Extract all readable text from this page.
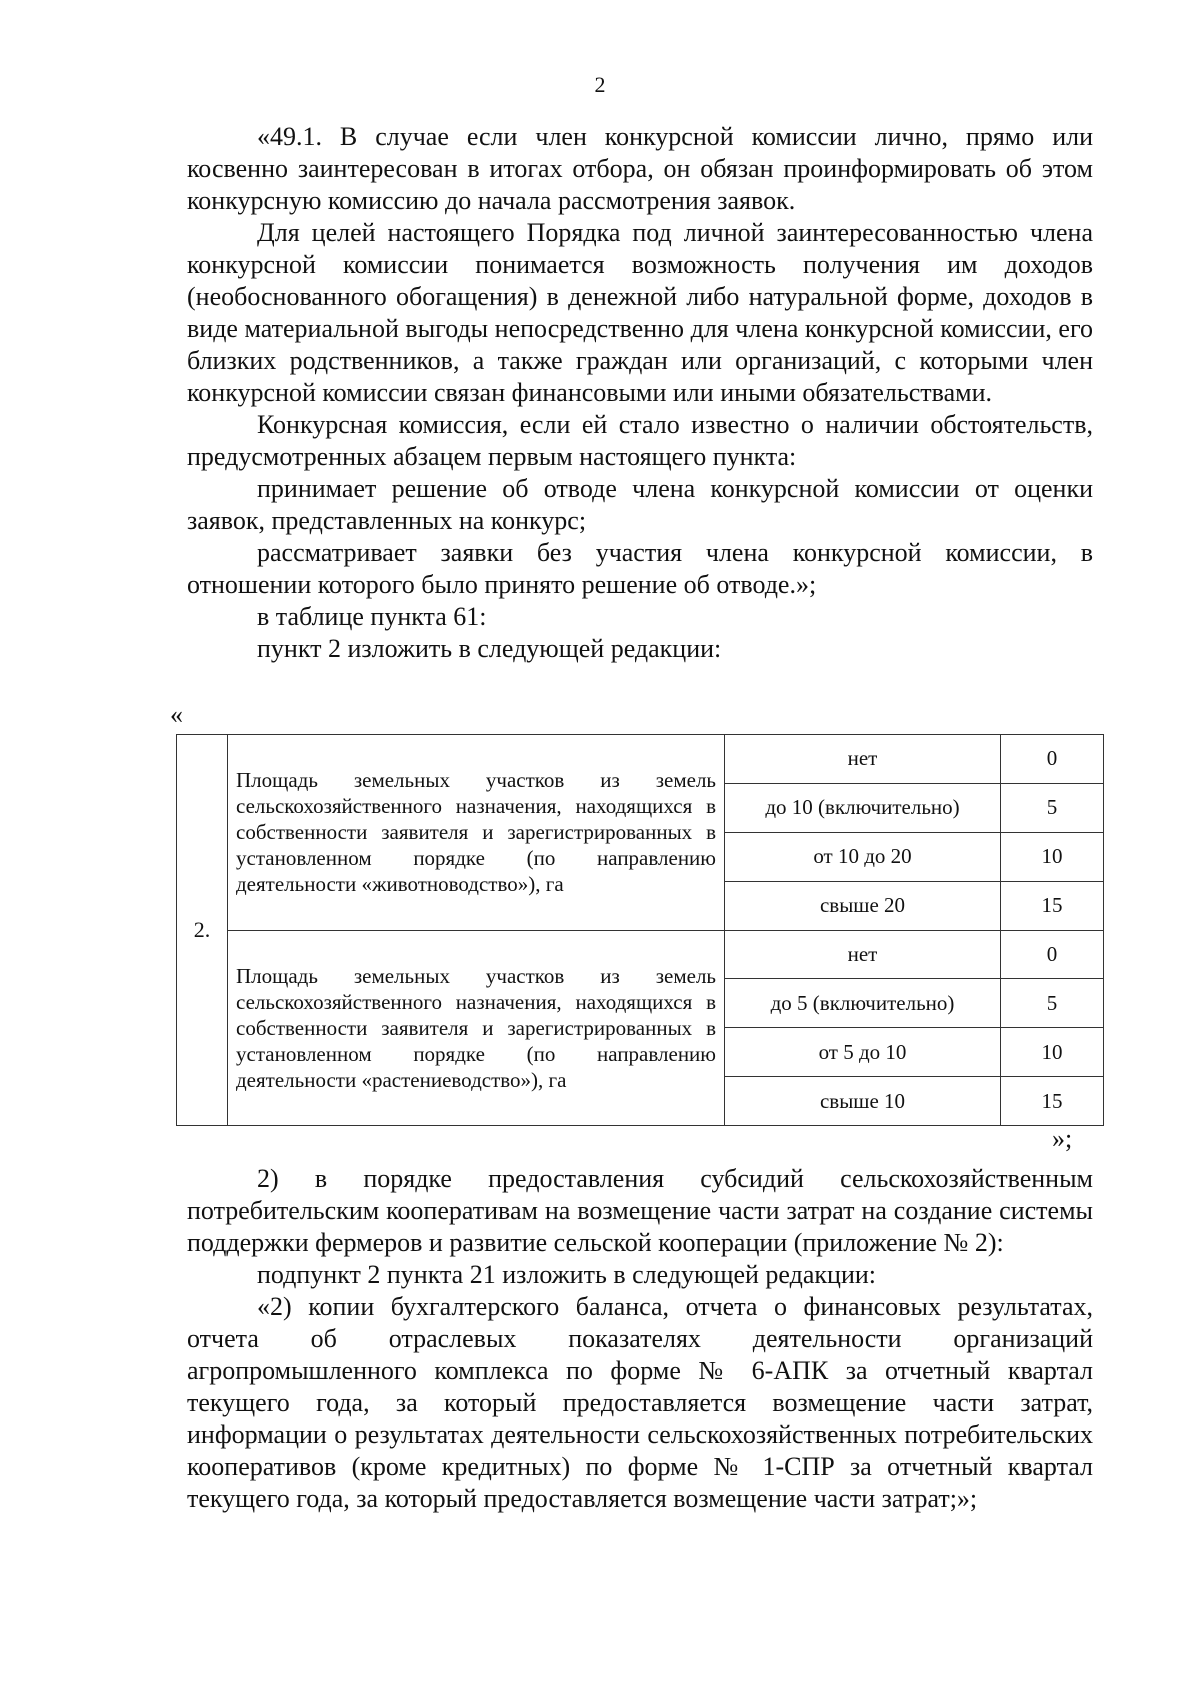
2

«49.1. В случае если член конкурсной комиссии лично, прямо или косвенно заинтересован в итогах отбора, он обязан проинформировать об этом конкурсную комиссию до начала рассмотрения заявок.

Для целей настоящего Порядка под личной заинтересованностью члена конкурсной комиссии понимается возможность получения им доходов (необоснованного обогащения) в денежной либо натуральной форме, доходов в виде материальной выгоды непосредственно для члена конкурсной комиссии, его близких родственников, а также граждан или организаций, с которыми член конкурсной комиссии связан финансовыми или иными обязательствами.

Конкурсная комиссия, если ей стало известно о наличии обстоятельств, предусмотренных абзацем первым настоящего пункта:

принимает решение об отводе члена конкурсной комиссии от оценки заявок, представленных на конкурс;

рассматривает заявки без участия члена конкурсной комиссии, в отношении которого было принято решение об отводе.»;

в таблице пункта 61:

пункт 2 изложить в следующей редакции:

«
2.	Площадь земельных участков из земель сельскохозяйственного назначения, находящихся в собственности заявителя и зарегистрированных в установленном порядке (по направлению деятельности «животноводство»), га	нет	0
		до 10 (включительно)	5
		от 10 до 20	10
		свыше 20	15
	Площадь земельных участков из земель сельскохозяйственного назначения, находящихся в собственности заявителя и зарегистрированных в установленном порядке (по направлению деятельности «растениеводство»), га	нет	0
		до 5 (включительно)	5
		от 5 до 10	10
		свыше 10	15
»;

2) в порядке предоставления субсидий сельскохозяйственным потребительским кооперативам на возмещение части затрат на создание системы поддержки фермеров и развитие сельской кооперации (приложение № 2):

подпункт 2 пункта 21 изложить в следующей редакции:

«2) копии бухгалтерского баланса, отчета о финансовых результатах, отчета об отраслевых показателях деятельности организаций агропромышленного комплекса по форме № 6-АПК за отчетный квартал текущего года, за который предоставляется возмещение части затрат, информации о результатах деятельности сельскохозяйственных потребительских кооперативов (кроме кредитных) по форме № 1-СПР за отчетный квартал текущего года, за который предоставляется возмещение части затрат;»;
